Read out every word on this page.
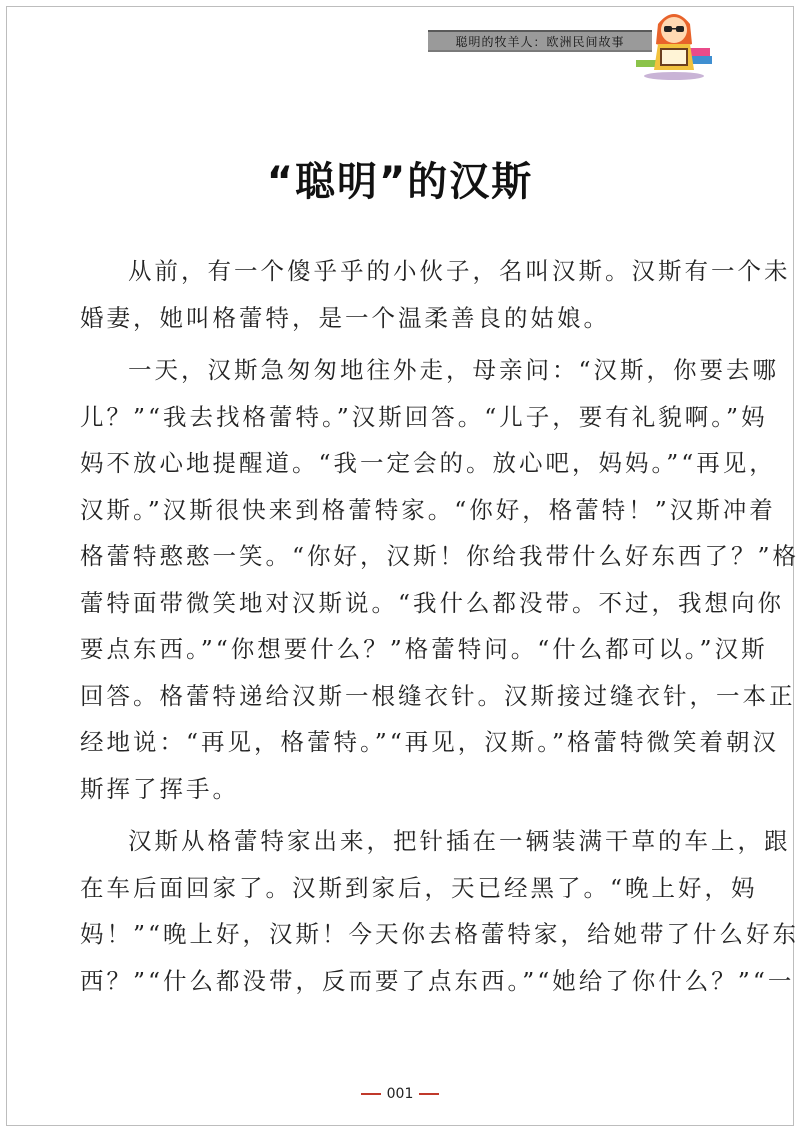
聪明的牧羊人：欧洲民间故事
“聪明”的汉斯
从前，有一个傻乎乎的小伙子，名叫汉斯。汉斯有一个未
婚妻，她叫格蕾特，是一个温柔善良的姑娘。
一天，汉斯急匆匆地往外走，母亲问：“汉斯，你要去哪
儿？”“我去找格蕾特。”汉斯回答。“儿子，要有礼貌啊。”妈
妈不放心地提醒道。“我一定会的。放心吧，妈妈。”“再见，
汉斯。”汉斯很快来到格蕾特家。“你好，格蕾特！”汉斯冲着
格蕾特憨憨一笑。“你好，汉斯！你给我带什么好东西了？”格
蕾特面带微笑地对汉斯说。“我什么都没带。不过，我想向你
要点东西。”“你想要什么？”格蕾特问。“什么都可以。”汉斯
回答。格蕾特递给汉斯一根缝衣针。汉斯接过缝衣针，一本正
经地说：“再见，格蕾特。”“再见，汉斯。”格蕾特微笑着朝汉
斯挥了挥手。
汉斯从格蕾特家出来，把针插在一辆装满干草的车上，跟
在车后面回家了。汉斯到家后，天已经黑了。“晚上好，妈
妈！”“晚上好，汉斯！今天你去格蕾特家，给她带了什么好东
西？”“什么都没带，反而要了点东西。”“她给了你什么？”“一
001
